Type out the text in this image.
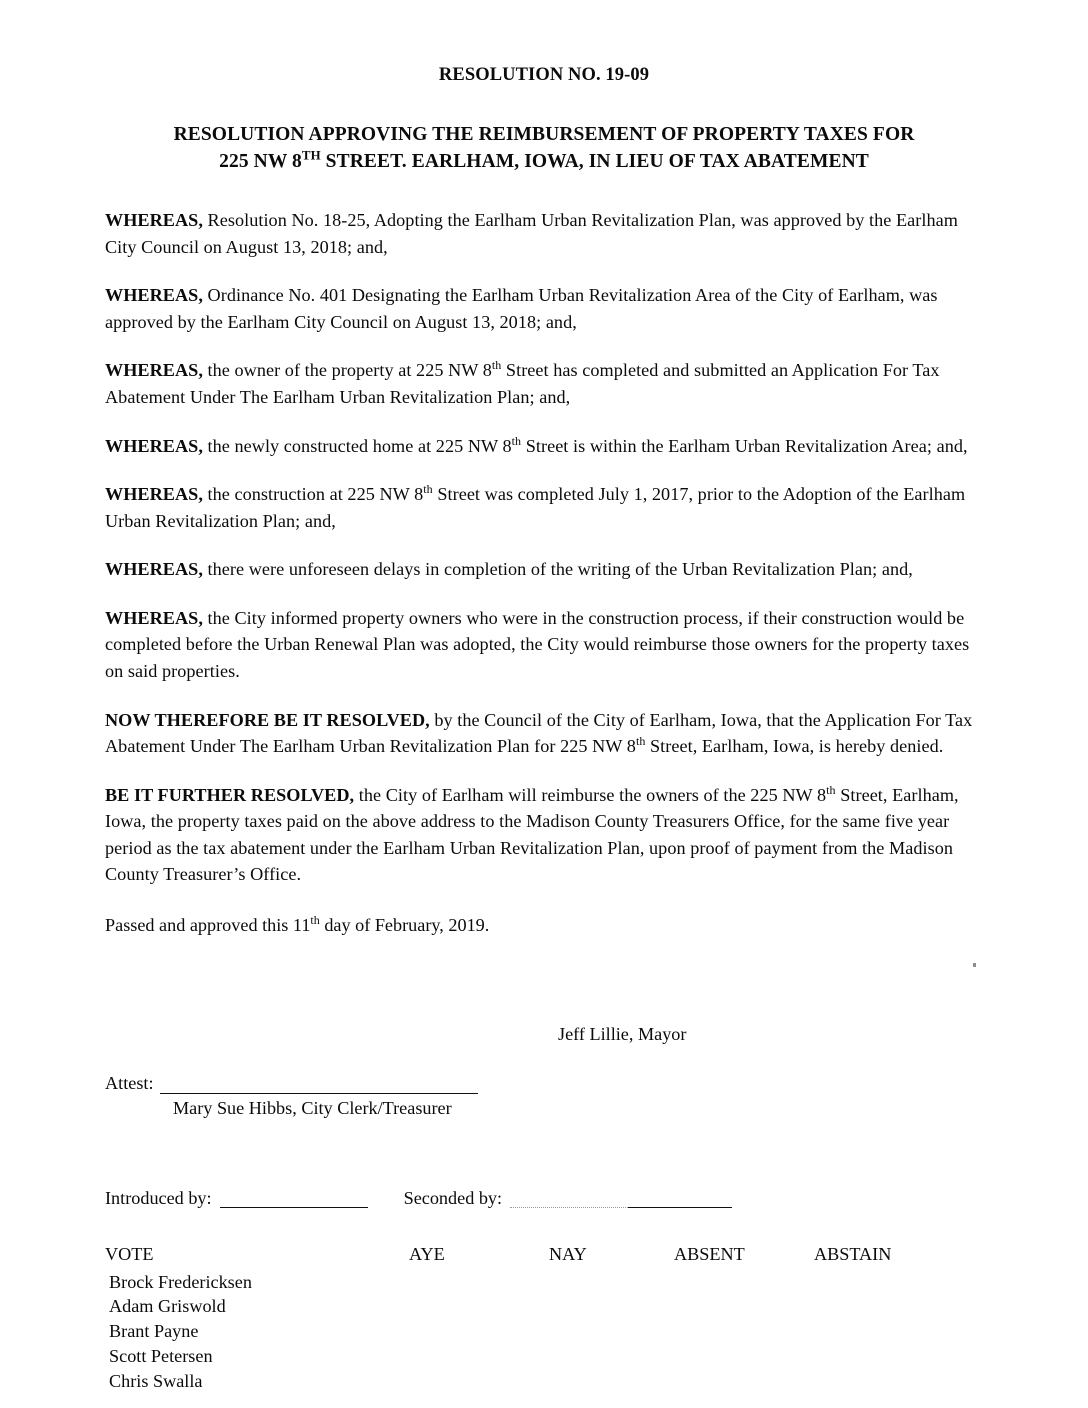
RESOLUTION NO. 19-09
RESOLUTION APPROVING THE REIMBURSEMENT OF PROPERTY TAXES FOR
225 NW 8TH STREET. EARLHAM, IOWA, IN LIEU OF TAX ABATEMENT

WHEREAS, Resolution No. 18-25, Adopting the Earlham Urban Revitalization Plan, was approved by the Earlham City Council on August 13, 2018; and,

WHEREAS, Ordinance No. 401 Designating the Earlham Urban Revitalization Area of the City of Earlham, was approved by the Earlham City Council on August 13, 2018; and,

WHEREAS, the owner of the property at 225 NW 8th Street has completed and submitted an Application For Tax Abatement Under The Earlham Urban Revitalization Plan; and,

WHEREAS, the newly constructed home at 225 NW 8th Street is within the Earlham Urban Revitalization Area; and,

WHEREAS, the construction at 225 NW 8th Street was completed July 1, 2017, prior to the Adoption of the Earlham Urban Revitalization Plan; and,

WHEREAS, there were unforeseen delays in completion of the writing of the Urban Revitalization Plan; and,

WHEREAS, the City informed property owners who were in the construction process, if their construction would be completed before the Urban Renewal Plan was adopted, the City would reimburse those owners for the property taxes on said properties.

NOW THEREFORE BE IT RESOLVED, by the Council of the City of Earlham, Iowa, that the Application For Tax Abatement Under The Earlham Urban Revitalization Plan for 225 NW 8th Street, Earlham, Iowa, is hereby denied.

BE IT FURTHER RESOLVED, the City of Earlham will reimburse the owners of the 225 NW 8th Street, Earlham, Iowa, the property taxes paid on the above address to the Madison County Treasurers Office, for the same five year period as the tax abatement under the Earlham Urban Revitalization Plan, upon proof of payment from the Madison County Treasurer’s Office.

Passed and approved this 11th day of February, 2019.
Jeff Lillie, Mayor
Attest:
Mary Sue Hibbs, City Clerk/Treasurer
Introduced by:	Seconded by:
VOTE	AYE	NAY	ABSENT	ABSTAIN
Brock Fredericksen				
Adam Griswold				
Brant Payne				
Scott Petersen				
Chris Swalla				
